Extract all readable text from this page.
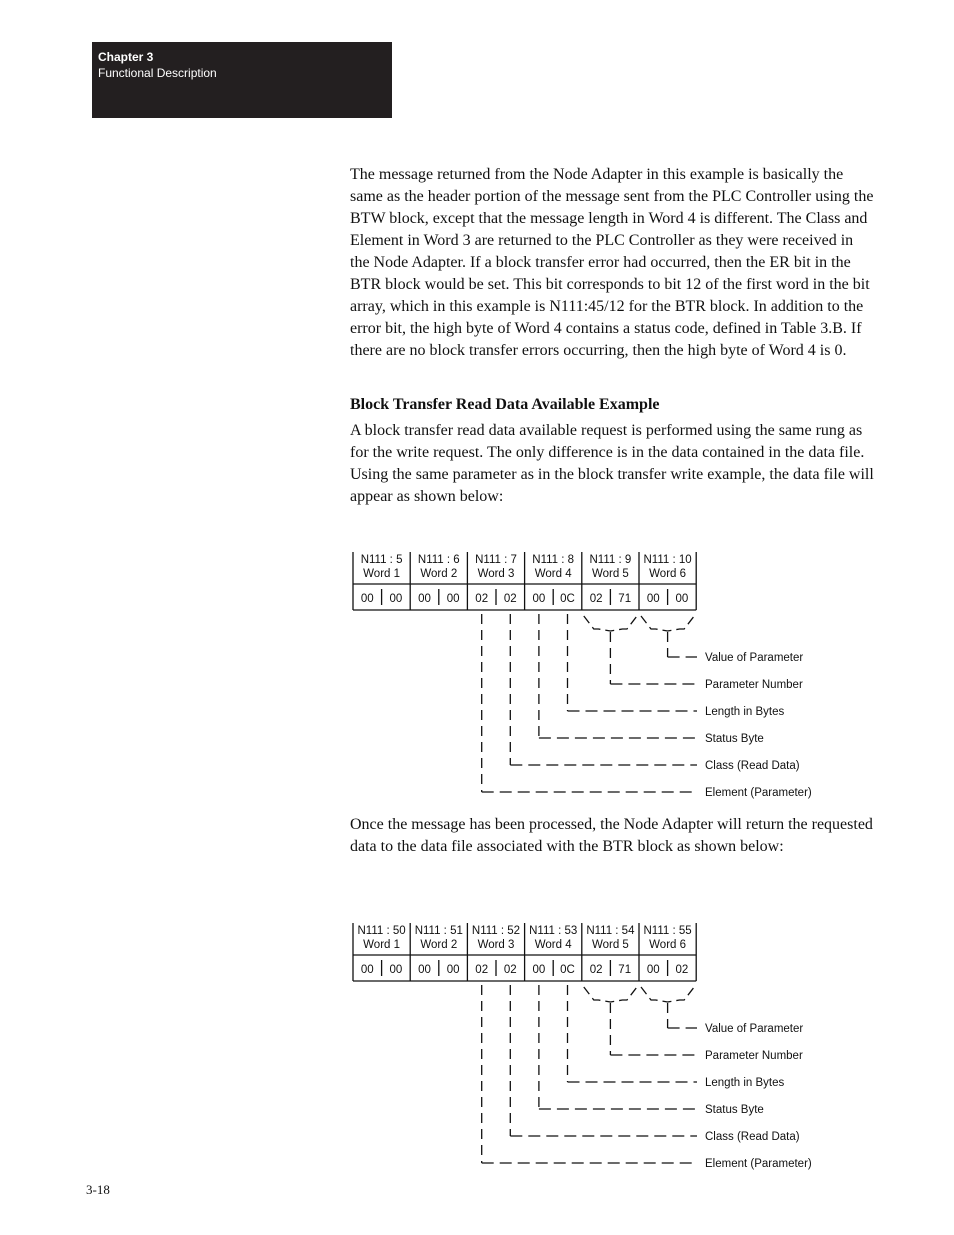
Chapter 3
Functional Description

The message returned from the Node Adapter in this example is basically the same as the header portion of the message sent from the PLC Controller using the BTW block, except that the message length in Word 4 is different. The Class and Element in Word 3 are returned to the PLC Controller as they were received in the Node Adapter. If a block transfer error had occurred, then the ER bit in the BTR block would be set. This bit corresponds to bit 12 of the first word in the bit array, which in this example is N111:45/12 for the BTR block. In addition to the error bit, the high byte of Word 4 contains a status code, defined in Table 3.B. If there are no block transfer errors occurring, then the high byte of Word 4 is 0.

Block Transfer Read Data Available Example

A block transfer read data available request is performed using the same rung as for the write request. The only difference is in the data contained in the data file. Using the same parameter as in the block transfer write example, the data file will appear as shown below:

N111 : 5
Word 1
00 00
N111 : 6
Word 2
00 00
N111 : 7
Word 3
02 02
N111 : 8
Word 4
00 0C
N111 : 9
Word 5
02 71
N111 : 10
Word 6
00 00
Value of Parameter
Parameter Number
Length in Bytes
Status Byte
Class (Read Data)
Element (Parameter)

Once the message has been processed, the Node Adapter will return the requested data to the data file associated with the BTR block as shown below:

N111 : 50
Word 1
00 00
N111 : 51
Word 2
00 00
N111 : 52
Word 3
02 02
N111 : 53
Word 4
00 0C
N111 : 54
Word 5
02 71
N111 : 55
Word 6
00 02
Value of Parameter
Parameter Number
Length in Bytes
Status Byte
Class (Read Data)
Element (Parameter)
3-18
